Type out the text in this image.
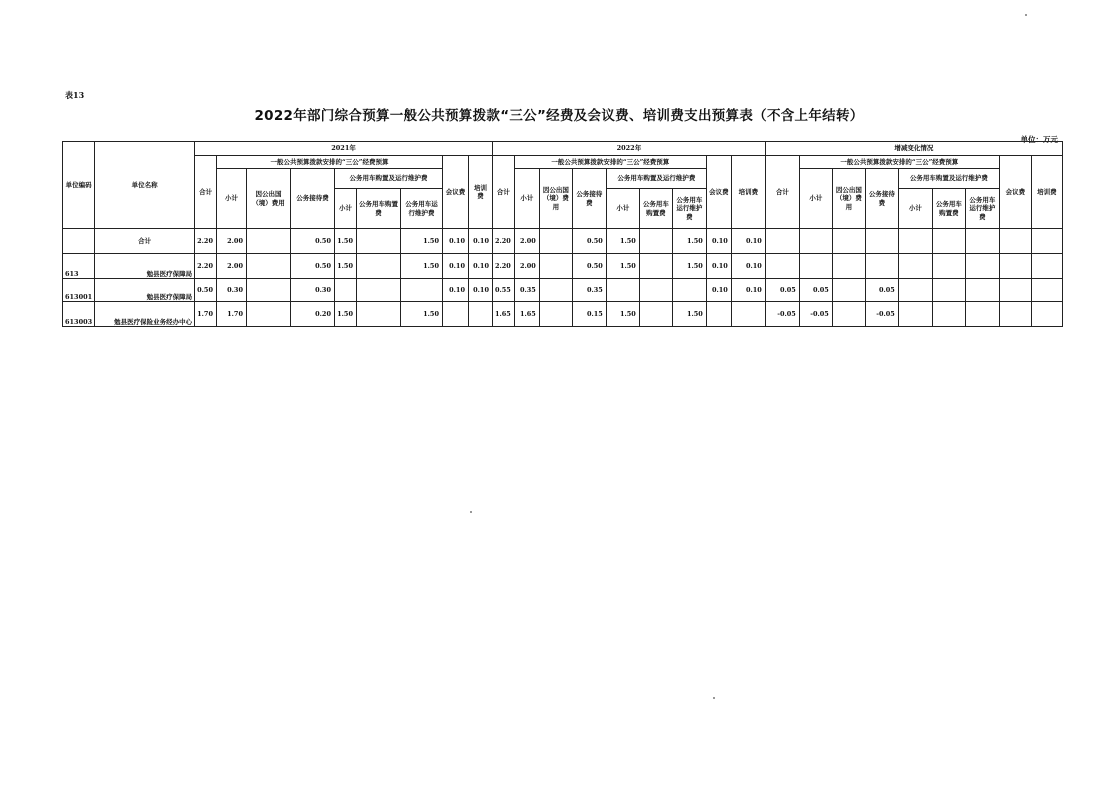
表13
2022年部门综合预算一般公共预算拨款“三公”经费及会议费、培训费支出预算表（不含上年结转）
单位：万元
单位编码	单位名称	2021年									2022年									增减变化情况								
		合计	一般公共预算拨款安排的“三公”经费预算						会议费	培训费	合计	一般公共预算拨款安排的“三公”经费预算						会议费	培训费	合计	一般公共预算拨款安排的“三公”经费预算						会议费	培训费
			小计	因公出国（境）费用	公务接待费	公务用车购置及运行维护费						小计	因公出国（境）费用	公务接待费	公务用车购置及运行维护费						小计	因公出国（境）费用	公务接待费	公务用车购置及运行维护费				
						小计	公务用车购置费	公务用车运行维护费							小计	公务用车购置费	公务用车运行维护费							小计	公务用车购置费	公务用车运行维护费		
	合计	2.20	2.00		0.50	1.50		1.50	0.10	0.10	2.20	2.00		0.50	1.50		1.50	0.10	0.10									
613	勉县医疗保障局	2.20	2.00		0.50	1.50		1.50	0.10	0.10	2.20	2.00		0.50	1.50		1.50	0.10	0.10									
613001	勉县医疗保障局	0.50	0.30		0.30				0.10	0.10	0.55	0.35		0.35				0.10	0.10	0.05	0.05		0.05					
613003	勉县医疗保险业务经办中心	1.70	1.70		0.20	1.50		1.50			1.65	1.65		0.15	1.50		1.50			-0.05	-0.05		-0.05					
